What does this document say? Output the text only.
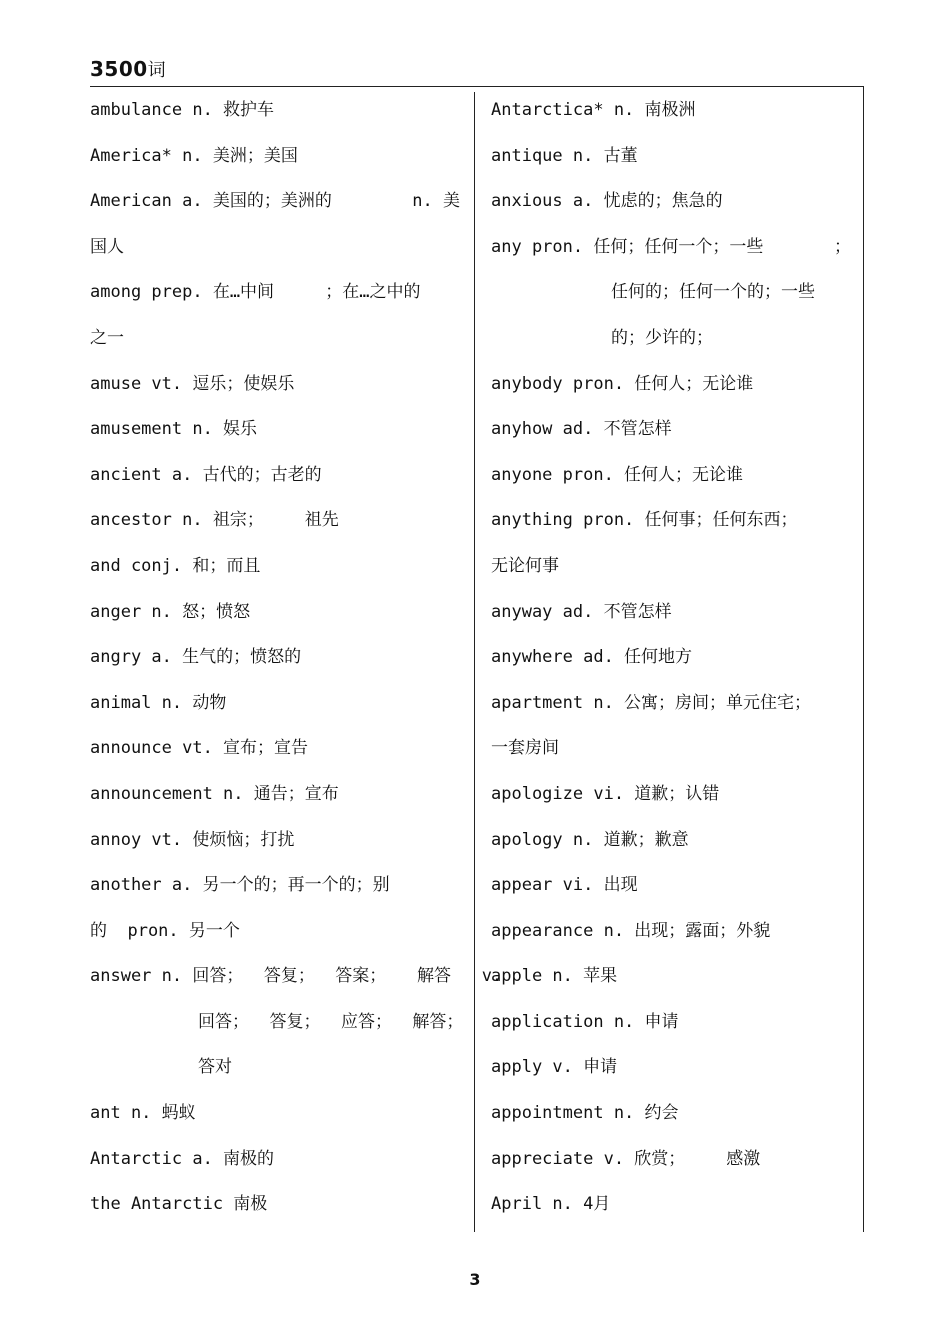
3500词
ambulance n. 救护车
America* n. 美洲；美国
American a. 美国的；美洲的	n. 美
国人
among prep. 在…中间     ；在…之中的
之一
amuse vt. 逗乐；使娱乐
amusement n. 娱乐
ancient a. 古代的；古老的
ancestor n. 祖宗；    祖先
and conj. 和；而且
anger n. 怒；愤怒
angry a. 生气的；愤怒的
animal n. 动物
announce vt. 宣布；宣告
announcement n. 通告；宣布
annoy vt. 使烦恼；打扰
another a. 另一个的；再一个的；别
的  pron. 另一个
answer n. 回答；  答复；  答案；   解答   v.
回答；  答复；  应答；  解答；
答对
ant n. 蚂蚁
Antarctic a. 南极的
the Antarctic 南极
Antarctica* n. 南极洲
antique n. 古董
anxious a. 忧虑的；焦急的
any pron. 任何；任何一个；一些	；
任何的；任何一个的；一些
的；少许的；
anybody pron. 任何人；无论谁
anyhow ad. 不管怎样
anyone pron. 任何人；无论谁
anything pron. 任何事；任何东西；
无论何事
anyway ad. 不管怎样
anywhere ad. 任何地方
apartment n. 公寓；房间；单元住宅；
一套房间
apologize vi. 道歉；认错
apology n. 道歉；歉意
appear vi. 出现
appearance n. 出现；露面；外貌
apple n. 苹果
application n. 申请
apply v. 申请
appointment n. 约会
appreciate v. 欣赏；    感激
April n. 4月
3
